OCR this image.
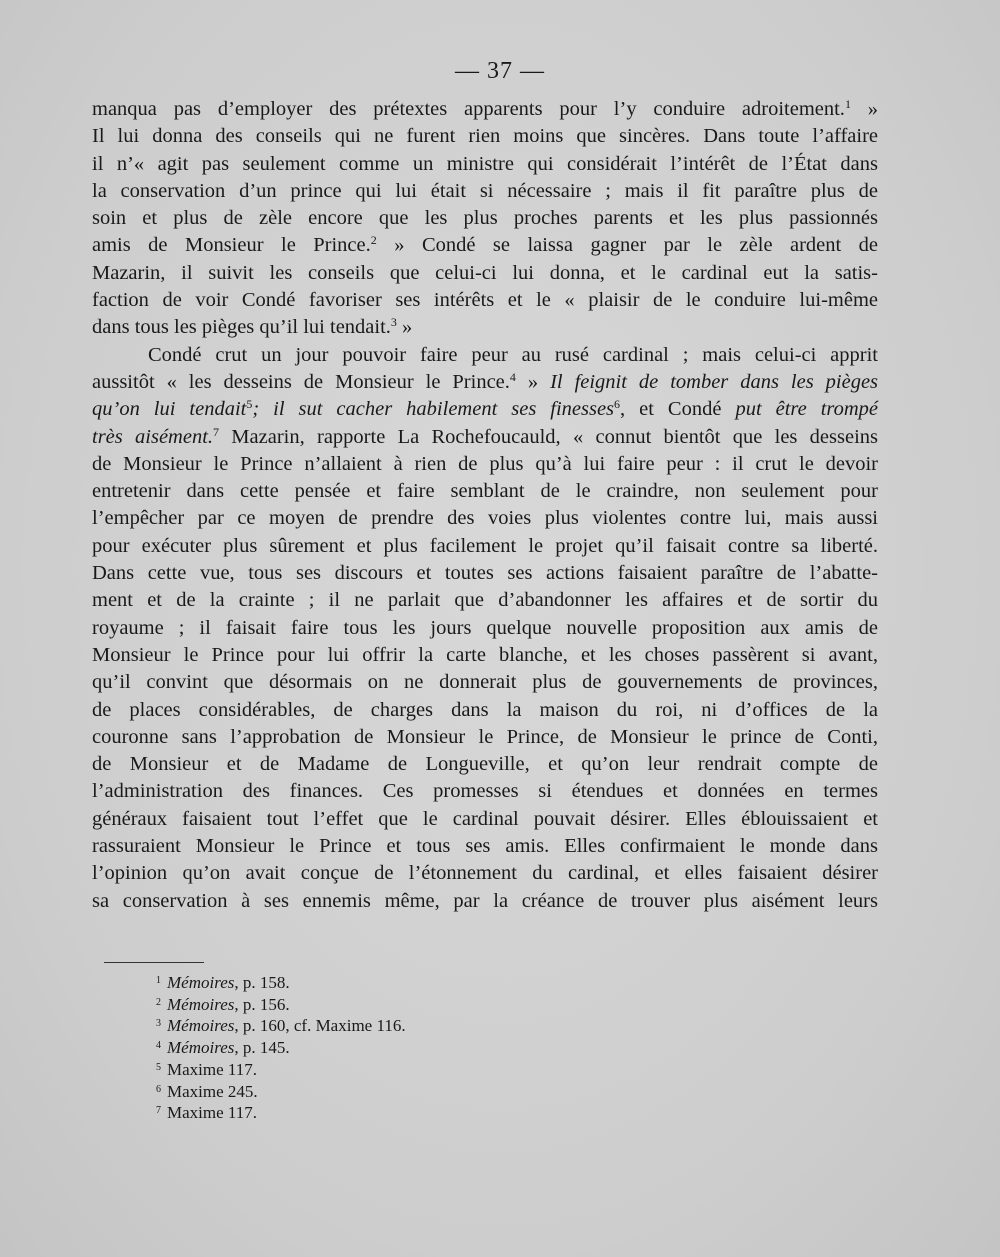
— 37 —
manqua pas d’employer des prétextes apparents pour l’y conduire adroitement.$^1$ »
Il lui donna des conseils qui ne furent rien moins que sincères. Dans toute l’affaire
il n’« agit pas seulement comme un ministre qui considérait l’intérêt de l’État dans
la conservation d’un prince qui lui était si nécessaire ; mais il fit paraître plus de
soin et plus de zèle encore que les plus proches parents et les plus passionnés
amis de Monsieur le Prince.$^2$ » Condé se laissa gagner par le zèle ardent de
Mazarin, il suivit les conseils que celui-ci lui donna, et le cardinal eut la satis-
faction de voir Condé favoriser ses intérêts et le « plaisir de le conduire lui-même
dans tous les pièges qu’il lui tendait.$^3$ »
Condé crut un jour pouvoir faire peur au rusé cardinal ; mais celui-ci apprit
aussitôt « les desseins de Monsieur le Prince.$^4$ » Il feignit de tomber dans les pièges
qu’on lui tendait$^5$; il sut cacher habilement ses finesses$^6$, et Condé put être trompé
très aisément.$^7$ Mazarin, rapporte La Rochefoucauld, « connut bientôt que les desseins
de Monsieur le Prince n’allaient à rien de plus qu’à lui faire peur : il crut le devoir
entretenir dans cette pensée et faire semblant de le craindre, non seulement pour
l’empêcher par ce moyen de prendre des voies plus violentes contre lui, mais aussi
pour exécuter plus sûrement et plus facilement le projet qu’il faisait contre sa liberté.
Dans cette vue, tous ses discours et toutes ses actions faisaient paraître de l’abatte-
ment et de la crainte ; il ne parlait que d’abandonner les affaires et de sortir du
royaume ; il faisait faire tous les jours quelque nouvelle proposition aux amis de
Monsieur le Prince pour lui offrir la carte blanche, et les choses passèrent si avant,
qu’il convint que désormais on ne donnerait plus de gouvernements de provinces,
de places considérables, de charges dans la maison du roi, ni d’offices de la
couronne sans l’approbation de Monsieur le Prince, de Monsieur le prince de Conti,
de Monsieur et de Madame de Longueville, et qu’on leur rendrait compte de
l’administration des finances. Ces promesses si étendues et données en termes
généraux faisaient tout l’effet que le cardinal pouvait désirer. Elles éblouissaient et
rassuraient Monsieur le Prince et tous ses amis. Elles confirmaient le monde dans
l’opinion qu’on avait conçue de l’étonnement du cardinal, et elles faisaient désirer
sa conservation à ses ennemis même, par la créance de trouver plus aisément leurs
$^1$ Mémoires, p. 158.
$^2$ Mémoires, p. 156.
$^3$ Mémoires, p. 160, cf. Maxime 116.
$^4$ Mémoires, p. 145.
$^5$ Maxime 117.
$^6$ Maxime 245.
$^7$ Maxime 117.
